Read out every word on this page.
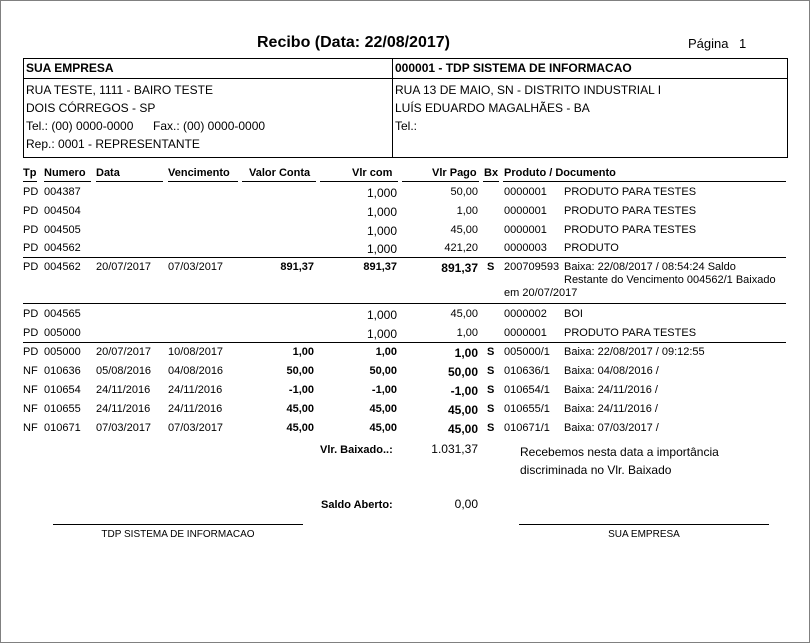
Recibo (Data: 22/08/2017)	Página 1
SUA EMPRESA
RUA TESTE, 1111 - BAIRO TESTE
DOIS CÓRREGOS - SP
Tel.: (00) 0000-0000 Fax.: (00) 0000-0000
Rep.: 0001 - REPRESENTANTE
000001 - TDP SISTEMA DE INFORMACAO
RUA 13 DE MAIO, SN - DISTRITO INDUSTRIAL I
LUÍS EDUARDO MAGALHÃES - BA
Tel.:
Tp Numero Data	Vencimento Valor Conta	Vlr com	Vlr Pago Bx Produto / Documento
PD 004387	1,000	50,00 0000001 PRODUTO PARA TESTES
PD 004504	1,000	1,00 0000001 PRODUTO PARA TESTES
PD 004505	1,000	45,00 0000001 PRODUTO PARA TESTES
PD 004562	1,000	421,20 0000003 PRODUTO
PD 004562 20/07/2017 07/03/2017	891,37	891,37	891,37 S 200709593 Baixa: 22/08/2017 / 08:54:24 Saldo
Restante do Vencimento 004562/1 Baixado
em 20/07/2017
PD 004565	1,000	45,00 0000002 BOI
PD 005000	1,000	1,00 0000001 PRODUTO PARA TESTES
PD 005000 20/07/2017 10/08/2017	1,00	1,00	1,00 S 005000/1 Baixa: 22/08/2017 / 09:12:55
NF 010636 05/08/2016 04/08/2016	50,00	50,00	50,00 S 010636/1 Baixa: 04/08/2016 /
NF 010654 24/11/2016 24/11/2016	-1,00	-1,00	-1,00 S 010654/1 Baixa: 24/11/2016 /
NF 010655 24/11/2016 24/11/2016	45,00	45,00	45,00 S 010655/1 Baixa: 24/11/2016 /
NF 010671 07/03/2017 07/03/2017	45,00	45,00	45,00 S 010671/1 Baixa: 07/03/2017 /
Vlr. Baixado..:	1.031,37	Recebemos nesta data a importância
discriminada no Vlr. Baixado
Saldo Aberto:	0,00
TDP SISTEMA DE INFORMACAO	SUA EMPRESA
